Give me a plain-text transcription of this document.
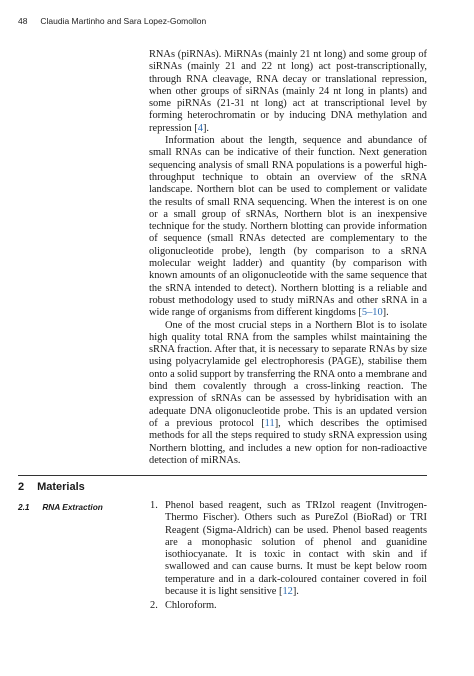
48 Claudia Martinho and Sara Lopez-Gomollon

RNAs (piRNAs). MiRNAs (mainly 21 nt long) and some group of siRNAs (mainly 21 and 22 nt long) act post-transcriptionally, through RNA cleavage, RNA decay or translational repression, when other groups of siRNAs (mainly 24 nt long in plants) and some piRNAs (21-31 nt long) act at transcriptional level by forming heterochromatin or by inducing DNA methylation and repression [4].

Information about the length, sequence and abundance of small RNAs can be indicative of their function. Next generation sequencing analysis of small RNA populations is a powerful high-throughput technique to obtain an overview of the sRNA landscape. Northern blot can be used to complement or validate the results of small RNA sequencing. When the interest is on one or a small group of sRNAs, Northern blot is an inexpensive technique for the study. Northern blotting can provide information of sequence (small RNAs detected are complementary to the oligonucleotide probe), length (by comparison to a sRNA molecular weight ladder) and quantity (by comparison with known amounts of an oligonucleotide with the same sequence that the sRNA intended to detect). Northern blotting is a reliable and robust methodology used to study miRNAs and other sRNA in a wide range of organisms from different kingdoms [5–10].

One of the most crucial steps in a Northern Blot is to isolate high quality total RNA from the samples whilst maintaining the sRNA fraction. After that, it is necessary to separate RNAs by size using polyacrylamide gel electrophoresis (PAGE), stabilise them onto a solid support by transferring the RNA onto a membrane and bind them covalently through a cross-linking reaction. The expression of sRNAs can be assessed by hybridisation with an adequate DNA oligonucleotide probe. This is an updated version of a previous protocol [11], which describes the optimised methods for all the steps required to study sRNA expression using Northern blotting, and includes a new option for non-radioactive detection of miRNAs.

2 Materials
2.1 RNA Extraction	1. Phenol based reagent, such as TRIzol reagent (Invitrogen-Thermo Fischer). Others such as PureZol (BioRad) or TRI Reagent (Sigma-Aldrich) can be used. Phenol based reagents are a monophasic solution of phenol and guanidine isothiocyanate. It is toxic in contact with skin and if swallowed and can cause burns. It must be kept below room temperature and in a dark-coloured container covered in foil because it is light sensitive [12].
2. Chloroform.
